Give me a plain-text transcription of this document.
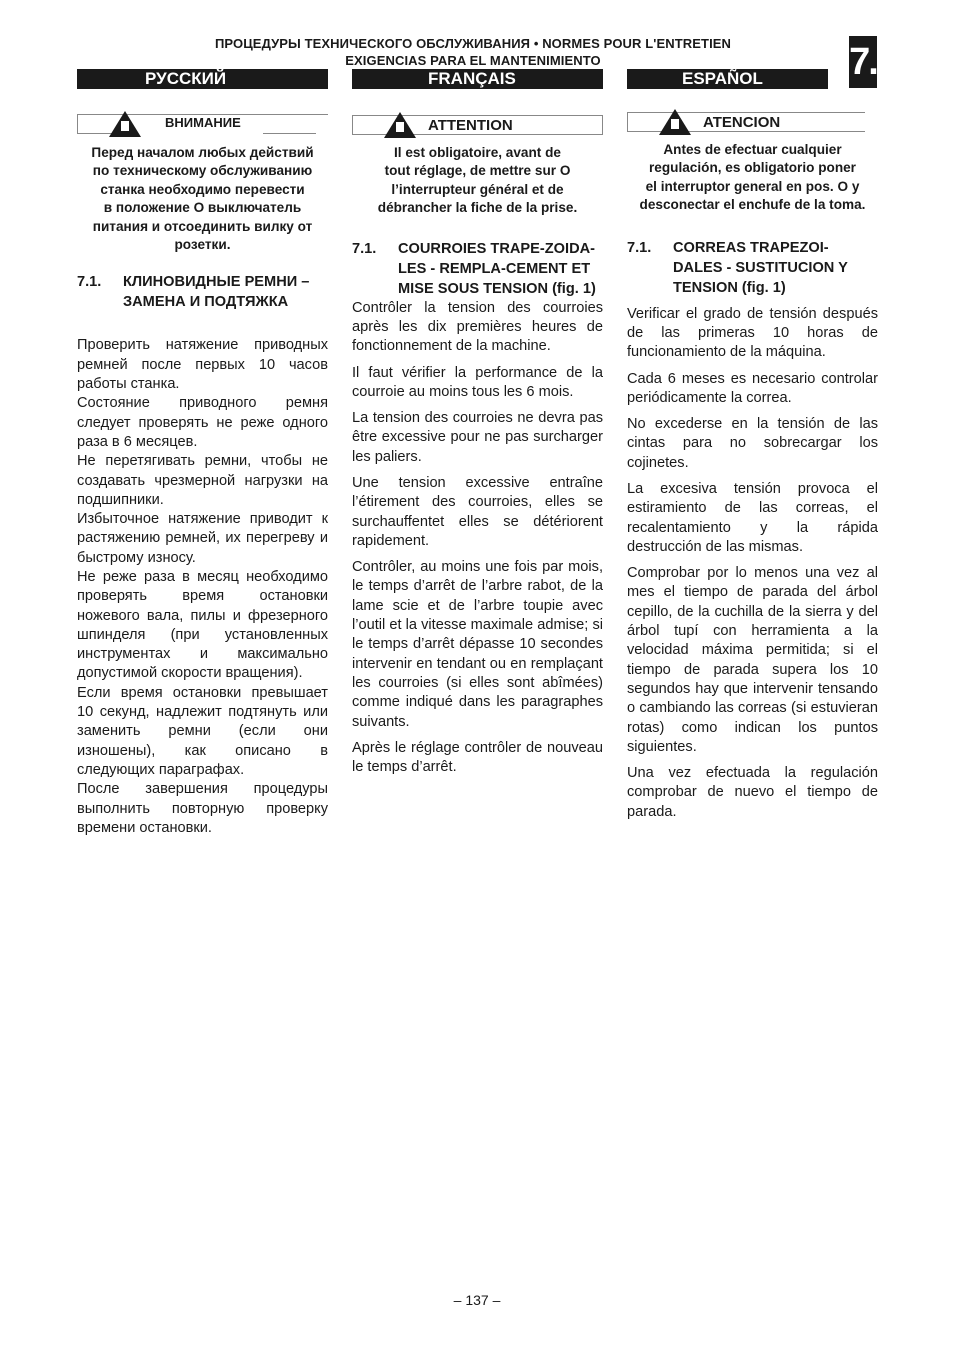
ПРОЦЕДУРЫ ТЕХНИЧЕСКОГО ОБСЛУЖИВАНИЯ • NORMES POUR L'ENTRETIEN
EXIGENCIAS PARA EL MANTENIMIENTO	7.
РУССКИЙ	FRANÇAIS	ESPAÑOL
ВНИМАНИЕ
Перед началом любых действий
по техническому обслуживанию
станка необходимо перевести
в положение О выключатель
питания и отсоединить вилку от
розетки.
7.1.	КЛИНОВИДНЫЕ РЕМНИ – ЗАМЕНА И ПОДТЯЖКА

Проверить натяжение приводных ремней после первых 10 часов работы станка.

Состояние приводного ремня следует проверять не реже одного раза в 6 месяцев.

Не перетягивать ремни, чтобы не создавать чрезмерной нагрузки на подшипники.

Избыточное натяжение приводит к растяжению ремней, их перегреву и быстрому износу.

Не реже раза в месяц необходимо проверять время остановки ножевого вала, пилы и фрезерного шпинделя (при установленных инструментах и максимально допустимой скорости вращения).

Если время остановки превышает 10 секунд, надлежит подтянуть или заменить ремни (если они изношены), как описано в следующих параграфах.

После завершения процедуры выполнить повторную проверку времени остановки.

ATTENTION
Il est obligatoire, avant de
tout réglage, de mettre sur O
l’interrupteur général et de
débrancher la fiche de la prise.
7.1.	COURROIES TRAPE-ZOIDA-LES - REMPLA-CEMENT ET MISE SOUS TENSION (fig. 1)

Contrôler la tension des courroies après les dix premières heures de fonctionnement de la machine.

Il faut vérifier la performance de la courroie au moins tous les 6 mois.

La tension des courroies ne devra pas être excessive pour ne pas surcharger les paliers.

Une tension excessive entraîne l’étirement des courroies, elles se surchauffentet elles se détériorent rapidement.

Contrôler, au moins une fois par mois, le temps d’arrêt de l’arbre rabot, de la lame scie et de l’arbre toupie avec l’outil et la vitesse maximale admise; si le temps d’arrêt dépasse 10 secondes intervenir en tendant ou en remplaçant les courroies (si elles sont abîmées) comme indiqué dans les paragraphes suivants.

Après le réglage contrôler de nouveau le temps d’arrêt.

ATENCION
Antes de efectuar cualquier
regulación, es obligatorio poner
el interruptor general en pos. O y
desconectar el enchufe de la toma.
7.1.	CORREAS TRAPEZOI-DALES - SUSTITUCION Y TENSION (fig. 1)

Verificar el grado de tensión después de las primeras 10 horas de funcionamiento de la máquina.

Cada 6 meses es necesario controlar periódicamente la correa.

No excederse en la tensión de las cintas para no sobrecargar los cojinetes.

La excesiva tensión provoca el estiramiento de las correas, el recalentamiento y la rápida destrucción de las mismas.

Comprobar por lo menos una vez al mes el tiempo de parada del árbol cepillo, de la cuchilla de la sierra y del árbol tupí con herramienta a la velocidad máxima permitida; si el tiempo de parada supera los 10 segundos hay que intervenir tensando o cambiando las correas (si estuvieran rotas) como indican los puntos siguientes.

Una vez efectuada la regulación comprobar de nuevo el tiempo de parada.

– 137 –
